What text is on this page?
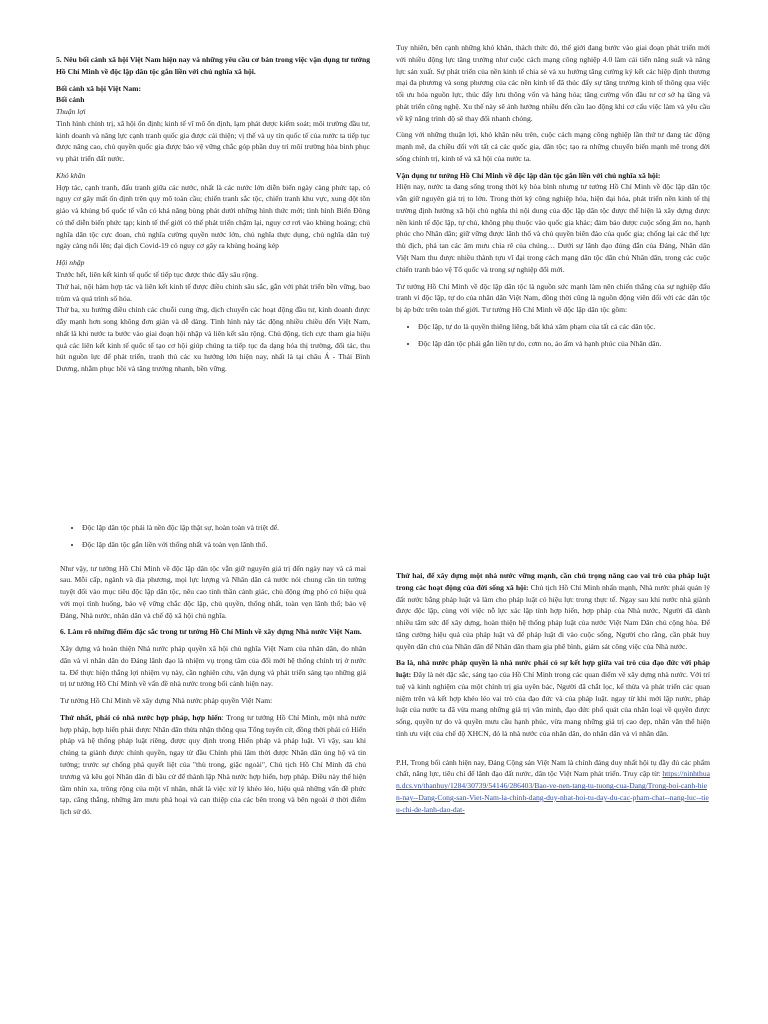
5. Nêu bối cảnh xã hội Việt Nam hiện nay và những yêu cầu cơ bản trong việc vận dụng tư tưởng Hồ Chí Minh về độc lập dân tộc gắn liền với chủ nghĩa xã hội.

Bối cảnh xã hội Việt Nam:

Bối cảnh

Thuận lợi

Tình hình chính trị, xã hội ổn định; kinh tế vĩ mô ổn định, lạm phát được kiểm soát; môi trường đầu tư, kinh doanh và năng lực cạnh tranh quốc gia được cải thiện; vị thế và uy tín quốc tế của nước ta tiếp tục được nâng cao, chủ quyền quốc gia được bảo vệ vững chắc góp phần duy trì môi trường hòa bình phục vụ phát triển đất nước.

Khó khăn

Hợp tác, cạnh tranh, đấu tranh giữa các nước, nhất là các nước lớn diễn biến ngày càng phức tạp, có nguy cơ gây mất ổn định trên quy mô toàn cầu; chiến tranh sắc tộc, chiến tranh khu vực, xung đột tôn giáo và khủng bố quốc tế vẫn có khả năng bùng phát dưới những hình thức mới; tình hình Biển Đông có thể diễn biến phức tạp; kinh tế thế giới có thể phát triển chậm lại, nguy cơ rơi vào khủng hoảng; chủ nghĩa dân tộc cực đoan, chủ nghĩa cường quyền nước lớn, chủ nghĩa thực dụng, chủ nghĩa dân tuý ngày càng nổi lên; đại dịch Covid-19 có nguy cơ gây ra khủng hoảng kép

Hội nhập

Trước hết, liên kết kinh tế quốc tế tiếp tục được thúc đẩy sâu rộng.

Thứ hai, nội hàm hợp tác và liên kết kinh tế được điều chỉnh sâu sắc, gắn với phát triển bền vững, bao trùm và quá trình số hóa.

Thứ ba, xu hướng điều chỉnh các chuỗi cung ứng, dịch chuyển các hoạt động đầu tư, kinh doanh được dẫy mạnh hơn song không đơn giản và dễ dàng. Tình hình này tác động nhiều chiều đến Việt Nam, nhất là khi nước ta bước vào giai đoạn hội nhập và liên kết sâu rộng. Chủ động, tích cực tham gia hiệu quả các liên kết kinh tế quốc tế tạo cơ hội giúp chúng ta tiếp tục đa dạng hóa thị trường, đối tác, thu hút nguồn lực để phát triển, tranh thủ các xu hướng lớn hiện nay, nhất là tại châu Á - Thái Bình Dương, nhằm phục hồi và tăng trưởng nhanh, bền vững.

Tuy nhiên, bên cạnh những khó khăn, thách thức đó, thế giới đang bước vào giai đoạn phát triển mới với nhiều động lực tăng trưởng như cuộc cách mạng công nghiệp 4.0 làm cải tiến năng suất và năng lực sản xuất. Sự phát triển của nền kinh tế chia sẻ và xu hướng tăng cường ký kết các hiệp định thương mại đa phương và song phương của các nền kinh tế đã thúc đẩy sự tăng trưởng kinh tế thông qua việc tối ưu hóa nguồn lực, thúc đẩy lưu thông vốn và hàng hóa; tăng cường vốn đầu tư cơ sở hạ tầng và phát triển công nghệ. Xu thế này sẽ ảnh hưởng nhiều đến cầu lao động khi cơ cấu việc làm và yêu cầu về kỹ năng trình độ sẽ thay đổi nhanh chóng.

Cùng với những thuận lợi, khó khăn nêu trên, cuộc cách mạng công nghiệp lần thứ tư đang tác động mạnh mẽ, đa chiều đối với tất cả các quốc gia, dân tộc; tạo ra những chuyển biến mạnh mẽ trong đời sống chính trị, kinh tế và xã hội của nước ta.

Vận dụng tư tưởng Hồ Chí Minh về độc lập dân tộc gắn liền với chủ nghĩa xã hội:

Hiện nay, nước ta đang sống trong thời kỳ hòa bình nhưng tư tưởng Hồ Chí Minh về độc lập dân tộc vẫn giữ nguyên giá trị to lớn. Trong thời kỳ công nghiệp hóa, hiện đại hóa, phát triển nền kinh tế thị trường định hướng xã hội chủ nghĩa thì nội dung của độc lập dân tộc được thể hiện là xây dựng được nền kinh tế độc lập, tự chủ, không phụ thuộc vào quốc gia khác; đảm bảo được cuộc sống ấm no, hạnh phúc cho Nhân dân; giữ vững được lãnh thổ và chủ quyền biên đảo của quốc gia; chống lại các thế lực thù địch, phá tan các âm mưu chia rẽ của chúng… Dưới sự lãnh đạo đúng đắn của Đảng, Nhân dân Việt Nam thu được nhiều thành tựu vĩ đại trong cách mạng dân tộc dân chủ Nhân dân, trong các cuộc chiến tranh bảo vệ Tổ quốc và trong sự nghiệp đổi mới.

Tư tưởng Hồ Chí Minh về độc lập dân tộc là nguồn sức mạnh làm nên chiến thắng của sự nghiệp đấu tranh vì độc lập, tự do của nhân dân Việt Nam, đồng thời cũng là nguồn động viên đối với các dân tộc bị áp bức trên toàn thế giới. Tư tưởng Hồ Chí Minh về độc lập dân tộc gồm:

• Độc lập, tự do là quyền thiêng liêng, bất khả xâm phạm của tất cả các dân tộc.
• Độc lập dân tộc phải gắn liền tự do, cơm no, áo ấm và hạnh phúc của Nhân dân.
• Độc lập dân tộc phải là nền độc lập thật sự, hoàn toàn và triệt để.
• Độc lập dân tộc gắn liền với thống nhất và toàn vẹn lãnh thổ.

Như vậy, tư tưởng Hồ Chí Minh về độc lập dân tộc vẫn giữ nguyên giá trị đến ngày nay và cả mai sau. Mỗi cấp, ngành và địa phương, mọi lực lượng và Nhân dân cả nước nói chung cần tin tưởng tuyệt đối vào mục tiêu độc lập dân tộc, nêu cao tinh thần cảnh giác, chủ động ứng phó có hiệu quả với mọi tình huống, bảo vệ vững chắc độc lập, chủ quyền, thống nhất, toàn vẹn lãnh thổ; bảo vệ Đảng, Nhà nước, nhân dân và chế độ xã hội chủ nghĩa.

6. Làm rõ những điểm đặc sắc trong tư tưởng Hồ Chí Minh về xây dựng Nhà nước Việt Nam.

Xây dựng và hoàn thiện Nhà nước pháp quyền xã hội chủ nghĩa Việt Nam của nhân dân, do nhân dân và vì nhân dân do Đảng lãnh đạo là nhiệm vụ trọng tâm của đổi mới hệ thống chính trị ở nước ta. Để thực hiện thắng lợi nhiệm vụ này, cần nghiên cứu, vận dụng và phát triển sáng tạo những giá trị tư tưởng Hồ Chí Minh về vấn đề nhà nước trong bối cảnh hiện nay.

Tư tưởng Hồ Chí Minh về xây dựng Nhà nước pháp quyền Việt Nam:

Thứ nhất, phải có nhà nước hợp pháp, hợp hiến: Trong tư tưởng Hồ Chí Minh, một nhà nước hợp pháp, hợp hiến phải được Nhân dân thừa nhận thông qua Tổng tuyển cử, đồng thời phải có Hiến pháp và hệ thống pháp luật riêng, được quy định trong Hiến pháp và pháp luật. Vì vậy, sau khi chúng ta giành được chính quyền, ngay từ đầu Chính phủ lâm thời được Nhân dân ủng hộ và tin tưởng; trước sự chống phá quyết liệt của "thù trong, giặc ngoài", Chủ tịch Hồ Chí Minh đã chủ trương và kêu gọi Nhân dân đi bầu cử để thành lập Nhà nước hợp hiến, hợp pháp. Điều này thể hiện tầm nhìn xa, trông rộng của một vĩ nhân, nhất là việc xử lý khéo léo, hiệu quả những vấn đề phức tạp, căng thẳng, những âm mưu phá hoại và can thiệp của các bên trong và bên ngoài ở thời điểm lịch sử đó.

Thứ hai, để xây dựng một nhà nước vững mạnh, cần chú trọng nâng cao vai trò của pháp luật trong các hoạt động của đời sống xã hội: Chủ tịch Hồ Chí Minh nhấn mạnh, Nhà nước phải quản lý đất nước bằng pháp luật và làm cho pháp luật có hiệu lực trong thực tế. Ngay sau khi nước nhà giành được độc lập, cùng với việc nỗ lực xác lập tính hợp hiến, hợp pháp của Nhà nước, Người đã dành nhiều tâm sức để xây dựng, hoàn thiện hệ thống pháp luật của nước Việt Nam Dân chủ cộng hòa. Để tăng cường hiệu quả của pháp luật và để pháp luật đi vào cuộc sống, Người cho rằng, cần phát huy quyền dân chủ của Nhân dân để Nhân dân tham gia phê bình, giám sát công việc của Nhà nước.

Ba là, nhà nước pháp quyền là nhà nước phải có sự kết hợp giữa vai trò của đạo đức với pháp luật: Đây là nét đặc sắc, sáng tạo của Hồ Chí Minh trong các quan điểm về xây dựng nhà nước. Với trí tuệ và kinh nghiệm của một chính trị gia uyên bác, Người đã chắt lọc, kế thừa và phát triển các quan niệm trên và kết hợp khéo léo vai trò của đạo đức và của pháp luật. ngay từ khi mới lập nước, pháp luật của nước ta đã vừa mang những giá trị văn minh, đạo đức phổ quát của nhân loại về quyền được sống, quyền tự do và quyền mưu cầu hạnh phúc, vừa mang những giá trị cao đẹp, nhân văn thể hiện tính ưu việt của chế độ XHCN, đó là nhà nước của nhân dân, do nhân dân và vì nhân dân.

P.H, Trong bối cảnh hiện nay, Đảng Cộng sản Việt Nam là chính đảng duy nhất hội tụ đầy đủ các phẩm chất, năng lực, tiêu chí để lãnh đạo đất nước, dân tộc Việt Nam phát triển. Truy cập từ: https://ninhthuan.dcs.vn/thanhuy/1284/30739/54146/286403/Bao-ve-nen-tang-tu-tuong-cua-Dang/Trong-boi-canh-hien-nay--Dang-Cong-san-Viet-Nam-la-chinh-dang-duy-nhat-hoi-tu-day-du-cac-pham-chat--nang-luc--tieu-chi-de-lanh-dao-dat-
